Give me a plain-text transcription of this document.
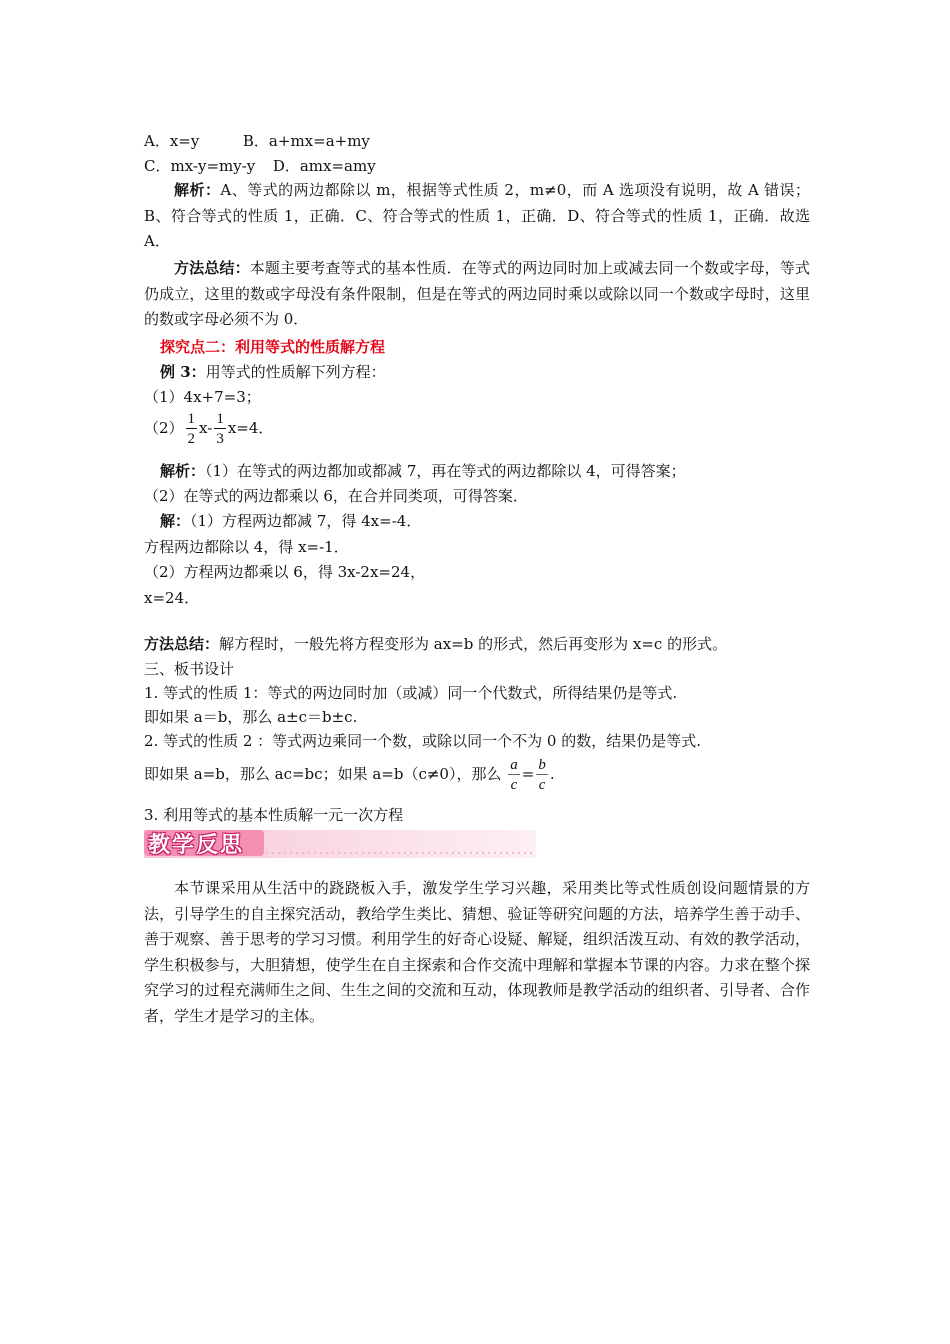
A．x=y	B．a+mx=a+my
C．mx-y=my-y D．amx=amy
解析：A、等式的两边都除以 m，根据等式性质 2，m≠0，而 A 选项没有说明，故 A 错误；B、符合等式的性质 1，正确．C、符合等式的性质 1，正确．D、符合等式的性质 1，正确．故选 A．
方法总结：本题主要考查等式的基本性质．在等式的两边同时加上或减去同一个数或字母，等式仍成立，这里的数或字母没有条件限制，但是在等式的两边同时乘以或除以同一个数或字母时，这里的数或字母必须不为 0．
探究点二：利用等式的性质解方程
例 3：用等式的性质解下列方程：
（1）4x+7=3；
$(2) \frac{1}{2} x- \frac{1}{3} x=4$．
解析：（1）在等式的两边都加或都减 7，再在等式的两边都除以 4，可得答案；
（2）在等式的两边都乘以 6，在合并同类项，可得答案．
解：（1）方程两边都减 7，得 4x=-4．
方程两边都除以 4，得 x=-1．
（2）方程两边都乘以 6，得 3x-2x=24，
x=24．
方法总结：解方程时，一般先将方程变形为 ax=b 的形式，然后再变形为 x=c 的形式。
三、板书设计
1. 等式的性质 1：等式的两边同时加（或减）同一个代数式，所得结果仍是等式.
即如果 a＝b，那么 a±c＝b±c.
2. 等式的性质 2 ：等式两边乘同一个数，或除以同一个不为 0 的数，结果仍是等式.
即如果 a=b，那么 ac=bc；如果 a=b（c≠0），那么 $\frac{a}{c} = \frac{b}{c}$ .
3. 利用等式的基本性质解一元一次方程
教学反思
本节课采用从生活中的跷跷板入手，激发学生学习兴趣，采用类比等式性质创设问题情景的方法，引导学生的自主探究活动，教给学生类比、猜想、验证等研究问题的方法，培养学生善于动手、善于观察、善于思考的学习习惯。利用学生的好奇心设疑、解疑，组织活泼互动、有效的教学活动，学生积极参与，大胆猜想，使学生在自主探索和合作交流中理解和掌握本节课的内容。力求在整个探究学习的过程充满师生之间、生生之间的交流和互动，体现教师是教学活动的组织者、引导者、合作者，学生才是学习的主体。
